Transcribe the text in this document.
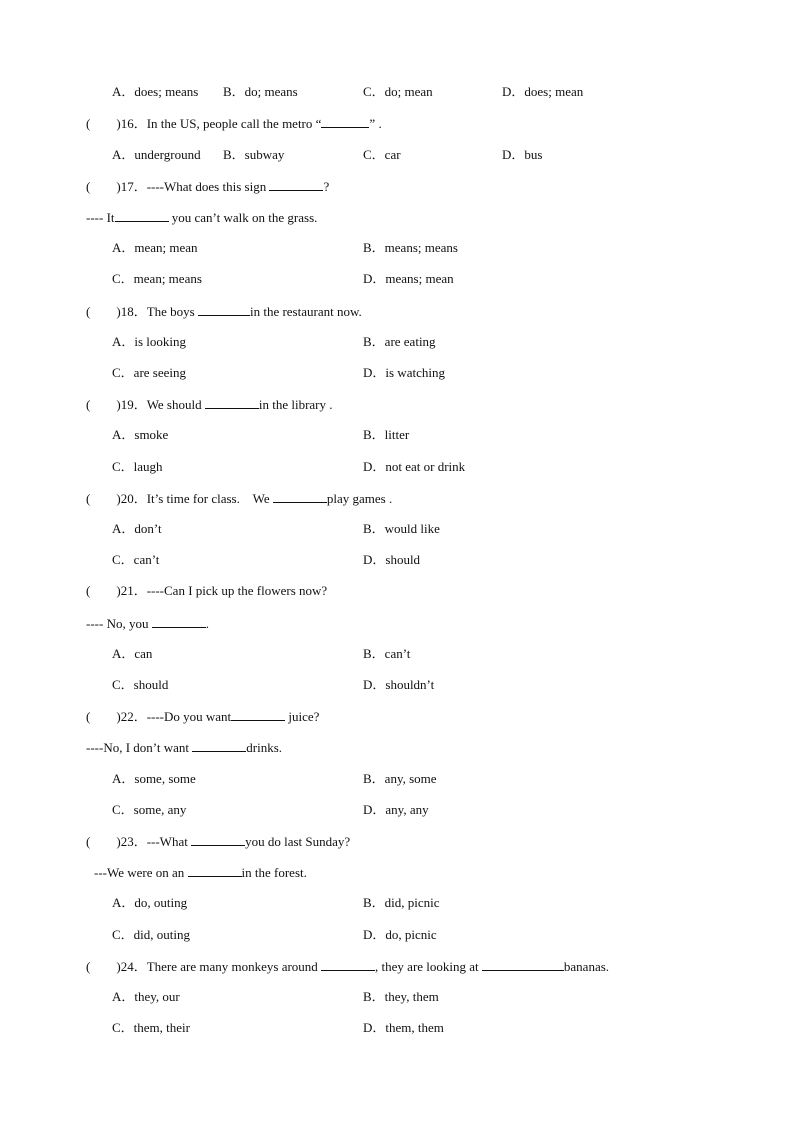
A．does; means B．do; means	C．do; mean	D．does; mean
( )16．In the US, people call the metro “	” .
A．underground B．subway	C．car	D．bus
( )17．----What does this sign	?
---- It	you can’t walk on the grass.
A．mean; mean	B．means; means
C．mean; means	D．means; mean
( )18．The boys	in the restaurant now.
A．is looking	B．are eating
C．are seeing	D．is watching
( )19．We should	in the library .
A．smoke	B．litter
C．laugh	D．not eat or drink
( )20．It’s time for class.    We	play games .
A．don’t	B．would like
C．can’t	D．should
( )21．----Can I pick up the flowers now?
---- No, you	.
A．can	B．can’t
C．should	D．shouldn’t
( )22．----Do you want	juice?
----No, I don’t want	drinks.
A．some, some	B．any, some
C．some, any	D．any, any
( )23．---What	you do last Sunday?
---We were on an	in the forest.
A．do, outing	B．did, picnic
C．did, outing	D．do, picnic
( )24．There are many monkeys around	, they are looking at	bananas.
A．they, our	B．they, them
C．them, their	D．them, them
